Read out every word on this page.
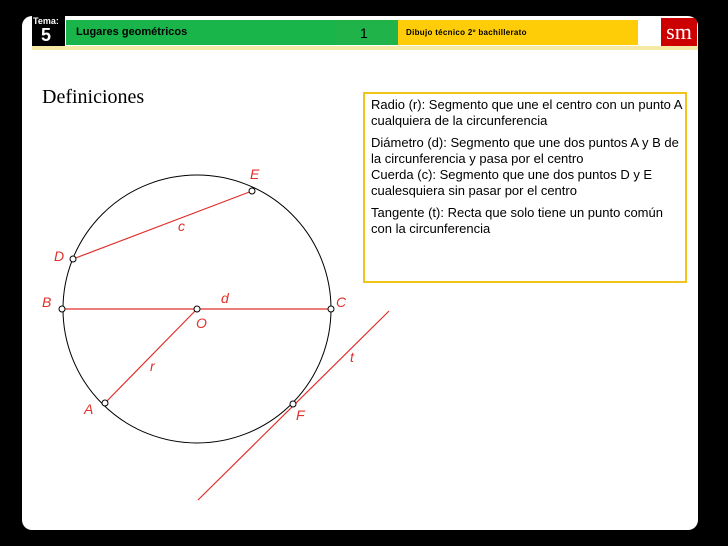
Tema:
5 Lugares geométricos	1	Dibujo técnico 2º bachillerato	sm
Definiciones	Radio (r): Segmento que une el centro con un punto A cualquiera de la circunferencia

Diámetro (d): Segmento que une dos puntos A y B de la circunferencia y pasa por el centro

Cuerda (c): Segmento que une dos puntos D y E cualesquiera sin pasar por el centro

Tangente (t): Recta que solo tiene un punto común con la circunferencia

E
c
D
B	d	C
O
t
r
A	F
